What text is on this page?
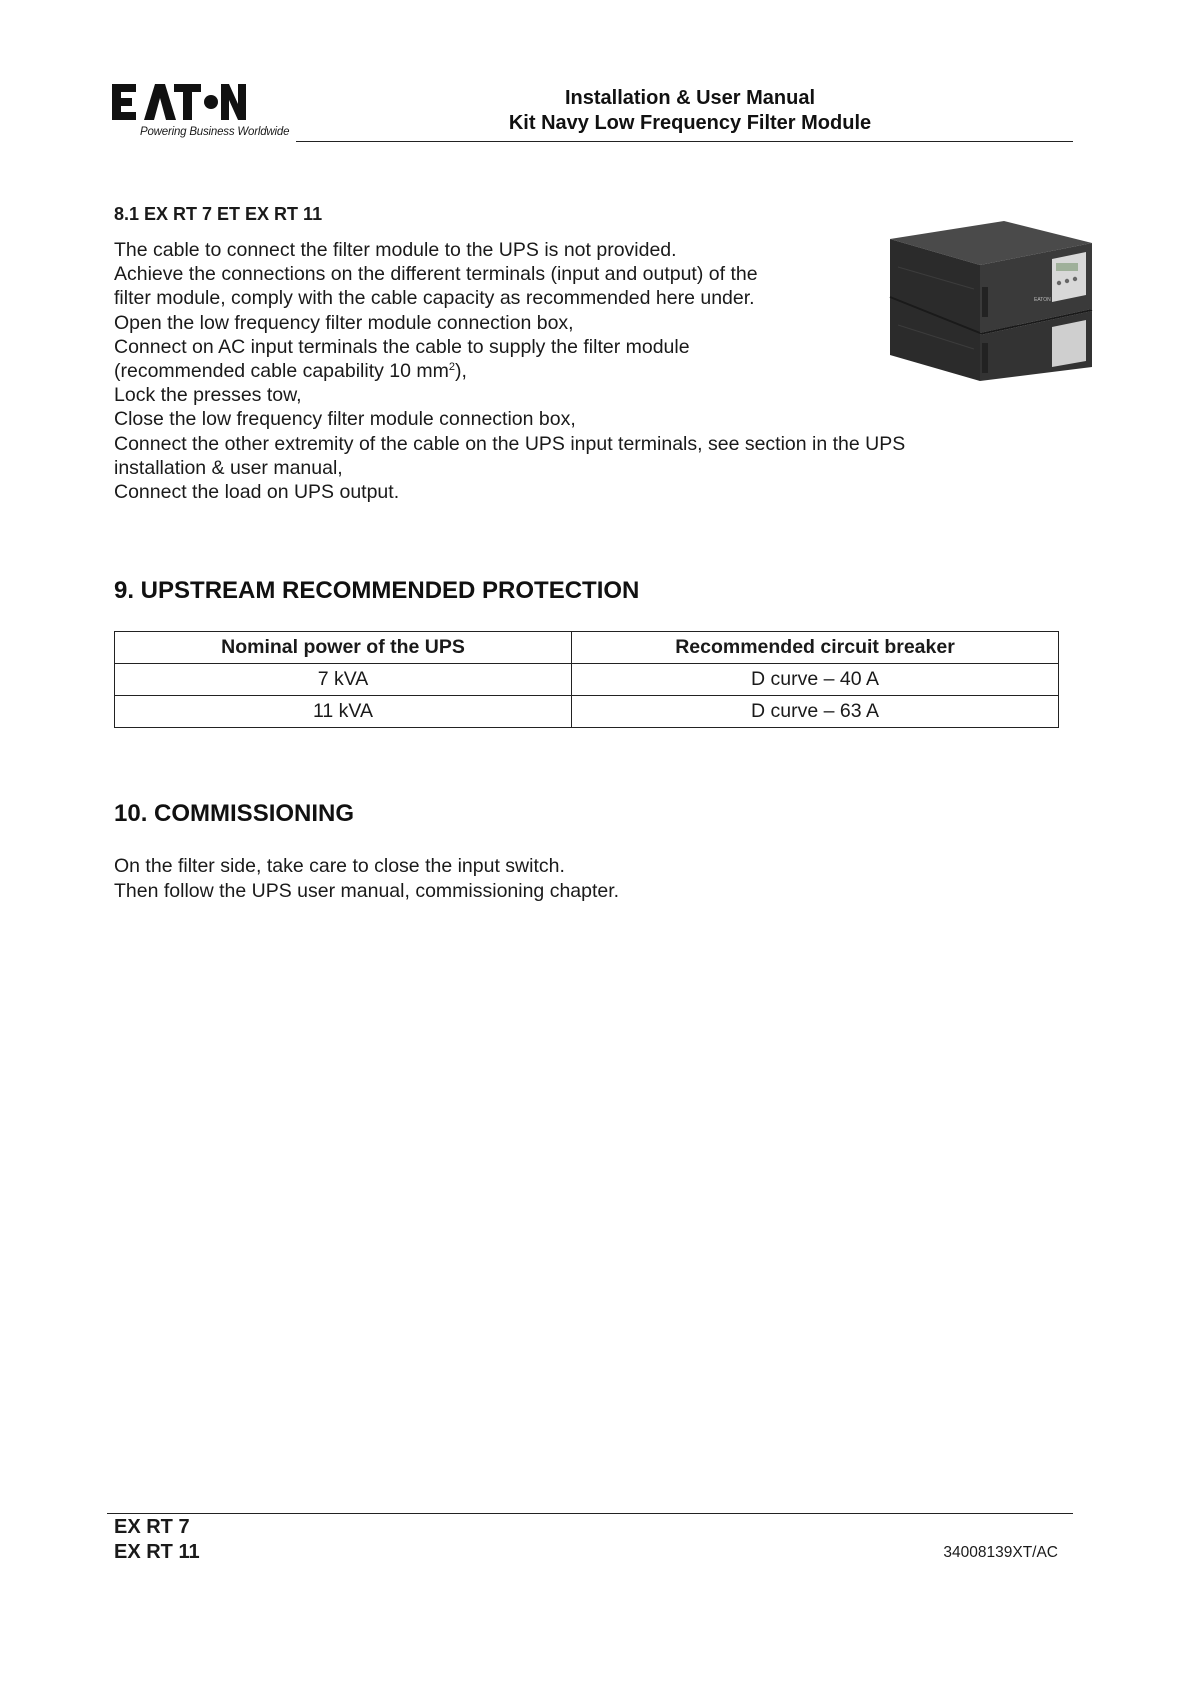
Powering Business Worldwide
Installation & User Manual
Kit Navy Low Frequency Filter Module
8.1 EX RT 7 ET EX RT 11
The cable to connect the filter module to the UPS is not provided.
Achieve the connections on the different terminals (input and output) of the
filter module, comply with the cable capacity as recommended here under.
Open the low frequency filter module connection box,
Connect on AC input terminals the cable to supply the filter module
(recommended cable capability 10 $mm^2$),
Lock the presses tow,
Close the low frequency filter module connection box,
Connect the other extremity of the cable on the UPS input terminals, see section in the UPS
installation & user manual,
Connect the load on UPS output.
EATON
9. UPSTREAM RECOMMENDED PROTECTION
Nominal power of the UPS	Recommended circuit breaker
7 kVA	D curve – 40 A
11 kVA	D curve – 63 A
10. COMMISSIONING
On the filter side, take care to close the input switch.
Then follow the UPS user manual, commissioning chapter.
EX RT 7
EX RT 11	34008139XT/AC
